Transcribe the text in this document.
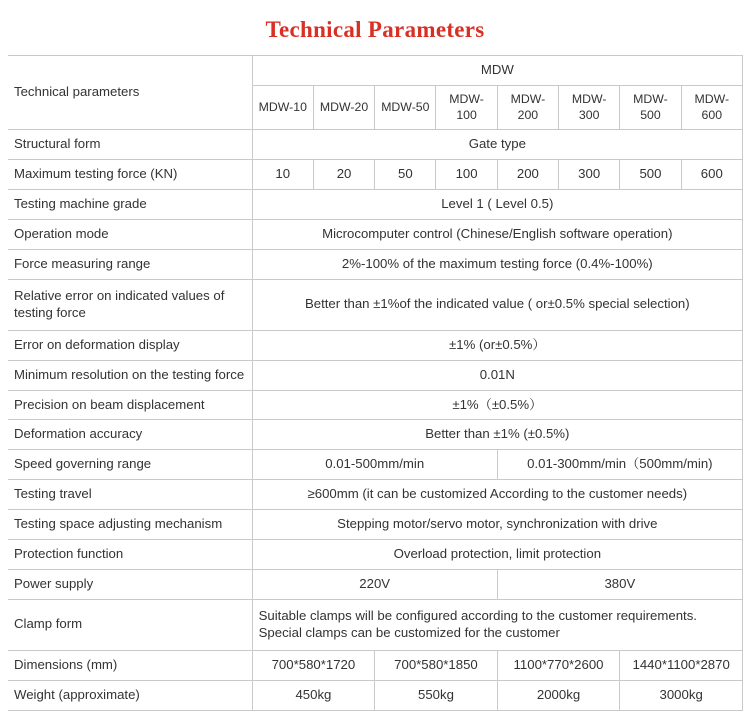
Technical Parameters
Technical parameters	MDW							
	MDW-10	MDW-20	MDW-50	MDW-100	MDW-200	MDW-300	MDW-500	MDW-600
Structural form	Gate type							
Maximum testing force (KN)	10	20	50	100	200	300	500	600
Testing machine grade	Level 1 ( Level 0.5)							
Operation mode	Microcomputer control (Chinese/English software operation)							
Force measuring range	2%-100% of the maximum testing force (0.4%-100%)							
Relative error on indicated values of testing force	Better than ±1%of the indicated value ( or±0.5% special selection)							
Error on deformation display	±1% (or±0.5%）							
Minimum resolution on the testing force	0.01N							
Precision on beam displacement	±1%（±0.5%）							
Deformation accuracy	Better than ±1% (±0.5%)							
Speed governing range	0.01-500mm/min				0.01-300mm/min（500mm/min)			
Testing travel	≥600mm (it can be customized According to the customer needs)							
Testing space adjusting mechanism	Stepping motor/servo motor, synchronization with drive							
Protection function	Overload protection, limit protection							
Power supply	220V				380V			
Clamp form	Suitable clamps will be configured according to the customer requirements. Special clamps can be customized for the customer							
Dimensions (mm)	700*580*1720		700*580*1850		1100*770*2600		1440*1100*2870	
Weight (approximate)	450kg		550kg		2000kg		3000kg	
